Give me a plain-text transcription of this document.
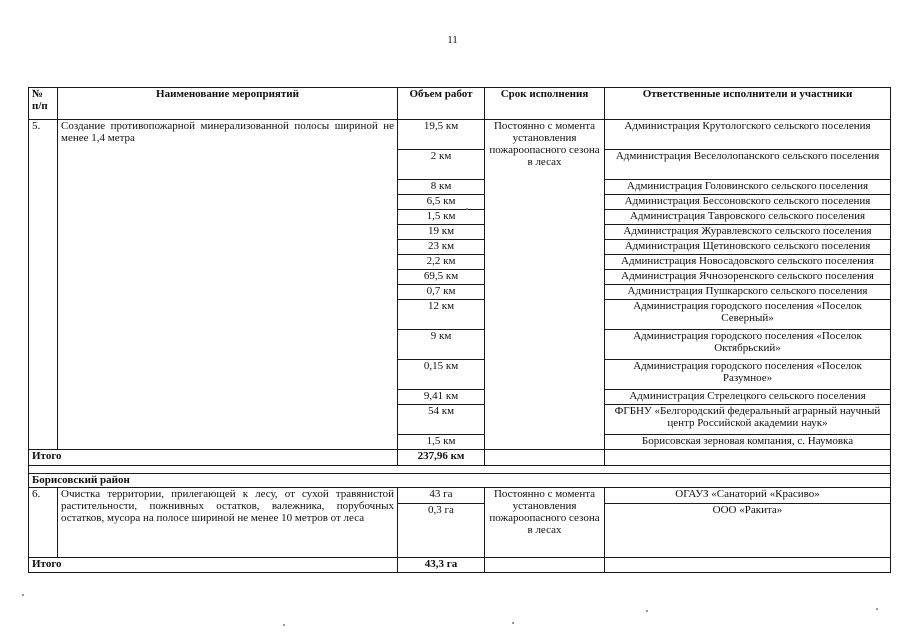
11
№ п/п	Наименование мероприятий	Объем работ	Срок исполнения	Ответственные исполнители и участники
5.	Создание противопожарной минерализованной полосы шириной не менее 1,4 метра	19,5 км	Постоянно с момента установления пожароопасного сезона в лесах	Администрация Крутологского сельского поселения
		2 км		Администрация Веселолопанского сельского поселения
		8 км		Администрация Головинского сельского поселения
		6,5 км		Администрация Бессоновского сельского поселения
		1,5 км		Администрация Тавровского сельского поселения
		19 км		Администрация Журавлевского сельского поселения
		23 км		Администрация Щетиновского сельского поселения
		2,2 км		Администрация Новосадовского сельского поселения
		69,5 км		Администрация Ячнозоренского сельского поселения
		0,7 км		Администрация Пушкарского сельского поселения
		12 км		Администрация городского поселения «Поселок Северный»
		9 км		Администрация городского поселения «Поселок Октябрьский»
		0,15 км		Администрация городского поселения «Поселок Разумное»
		9,41 км		Администрация Стрелецкого сельского поселения
		54 км		ФГБНУ «Белгородский федеральный аграрный научный центр Российской академии наук»
		1,5 км		Борисовская зерновая компания, с. Наумовка
Итого		237,96 км		

Борисовский район				
6.	Очистка территории, прилегающей к лесу, от сухой травянистой растительности, пожнивных остатков, валежника, порубочных остатков, мусора на полосе шириной не менее 10 метров от леса	43 га	Постоянно с момента установления пожароопасного сезона в лесах	ОГАУЗ «Санаторий «Красиво»
		0,3 га		ООО «Ракита»
Итого		43,3 га		
